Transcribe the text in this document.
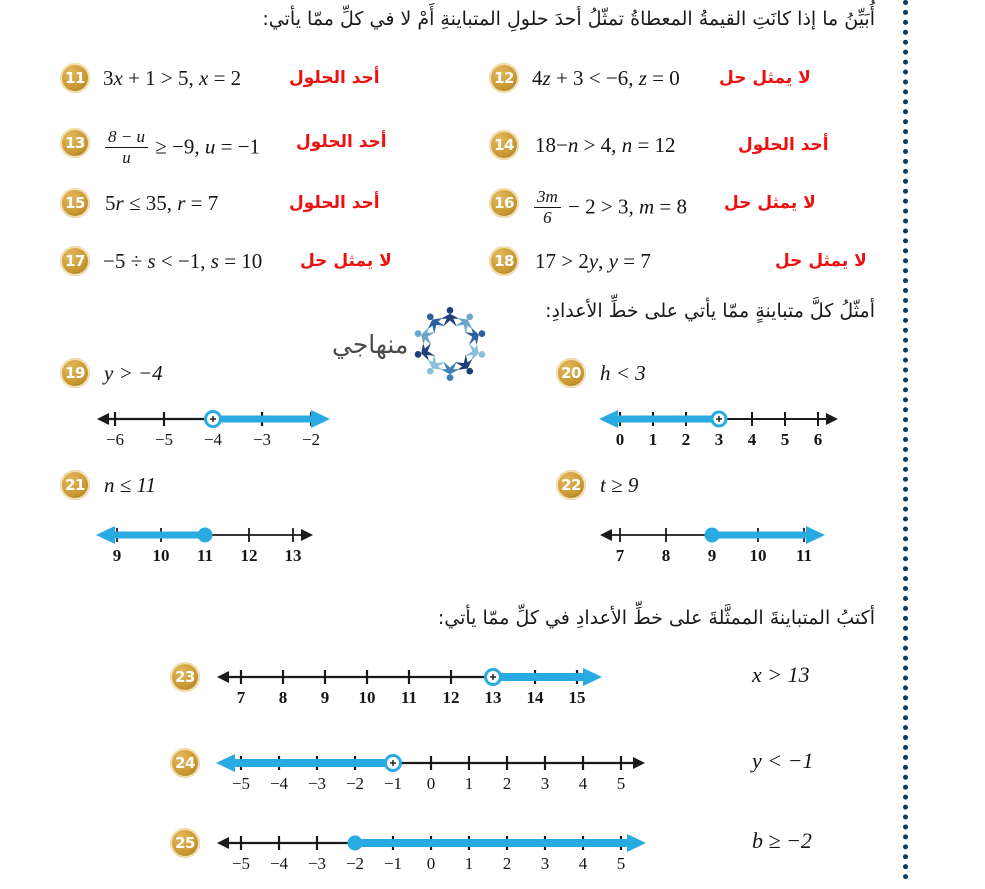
أُبَيِّنُ ما إذا كانَتِ القيمةُ المعطاةُ تمثّلُ أحدَ حلولِ المتباينةِ أَمْ لا في كلِّ ممّا يأتي:
11 3x + 1 > 5, x = 2	أحد الحلول	12 4z + 3 < −6, z = 0 لا يمثل حل
$13 \frac{8 - u}{u} \ge -9$, u = −1 أحد الحلول	14 18−n > 4, n = 12	أحد الحلول
15 5r ≤ 35, r = 7	أحد الحلول	$16 \frac{3m}{6} - 2 > 3$, m = 8 لا يمثل حل
17 −5 ÷ s < −1, s = 10 لا يمثل حل	18 17 > 2y, y = 7	لا يمثل حل
أمثّلُ كلَّ متباينةٍ ممّا يأتي على خطِّ الأعدادِ:
منهاجي
19 y > −4
−6 −5 −4 −3 −2
20 h < 3
0 1 2 3 4 5 6
21 n ≤ 11
9 10 11 12 13
22 t ≥ 9
7 8 9 10 11
أكتبُ المتباينةَ الممثَّلةَ على خطِّ الأعدادِ في كلِّ ممّا يأتي:
23
7 8 9 10 11 12 13 14 15
x > 13
24
−5 −4 −3 −2 −1 0 1 2 3 4 5
y < −1
25
−5 −4 −3 −2 −1 0 1 2 3 4 5
b ≥ −2
